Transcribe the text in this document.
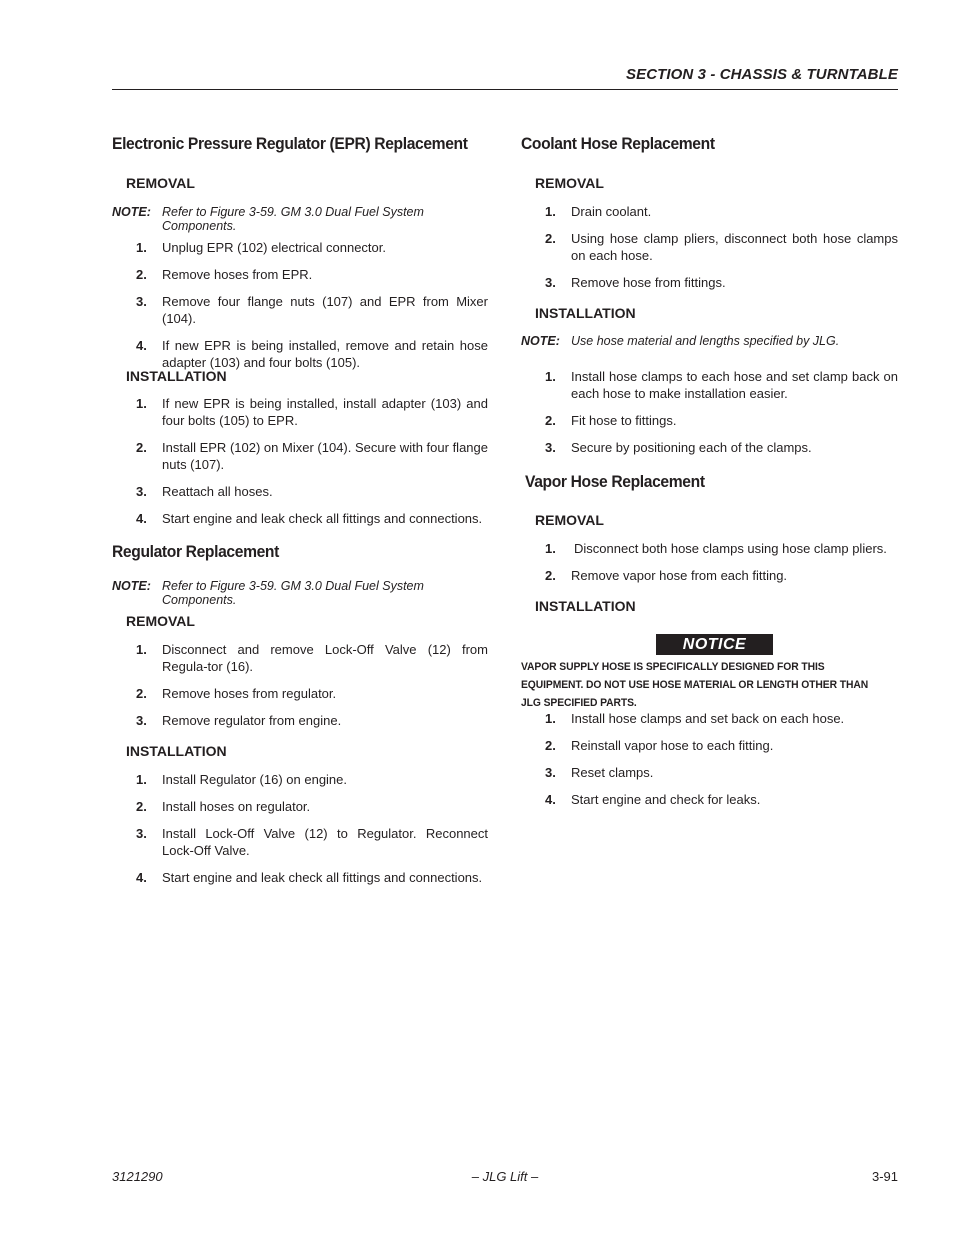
SECTION 3 - CHASSIS & TURNTABLE
Electronic Pressure Regulator (EPR) Replacement
REMOVAL
NOTE: Refer to Figure 3-59. GM 3.0 Dual Fuel System Components.
1.	Unplug EPR (102) electrical connector.
2.	Remove hoses from EPR.
3.	Remove four flange nuts (107) and EPR from Mixer (104).
4.	If new EPR is being installed, remove and retain hose adapter (103) and four bolts (105).
INSTALLATION
1.	If new EPR is being installed, install adapter (103) and four bolts (105) to EPR.
2.	Install EPR (102) on Mixer (104). Secure with four flange nuts (107).
3.	Reattach all hoses.
4.	Start engine and leak check all fittings and connections.
Regulator Replacement
NOTE: Refer to Figure 3-59. GM 3.0 Dual Fuel System Components.
REMOVAL
1.	Disconnect and remove Lock-Off Valve (12) from Regula-tor (16).
2.	Remove hoses from regulator.
3.	Remove regulator from engine.
INSTALLATION
1.	Install Regulator (16) on engine.
2.	Install hoses on regulator.
3.	Install Lock-Off Valve (12) to Regulator. Reconnect Lock-Off Valve.
4.	Start engine and leak check all fittings and connections.
Coolant Hose Replacement
REMOVAL
1.	Drain coolant.
2.	Using hose clamp pliers, disconnect both hose clamps on each hose.
3.	Remove hose from fittings.
INSTALLATION
NOTE: Use hose material and lengths specified by JLG.
1.	Install hose clamps to each hose and set clamp back on each hose to make installation easier.
2.	Fit hose to fittings.
3.	Secure by positioning each of the clamps.
Vapor Hose Replacement
REMOVAL
1.	Disconnect both hose clamps using hose clamp pliers.
2.	Remove vapor hose from each fitting.
INSTALLATION
NOTICE
VAPOR SUPPLY HOSE IS SPECIFICALLY DESIGNED FOR THIS EQUIPMENT. DO NOT USE HOSE MATERIAL OR LENGTH OTHER THAN JLG SPECIFIED PARTS.
1.	Install hose clamps and set back on each hose.
2.	Reinstall vapor hose to each fitting.
3.	Reset clamps.
4.	Start engine and check for leaks.
3121290	– JLG Lift –	3-91
